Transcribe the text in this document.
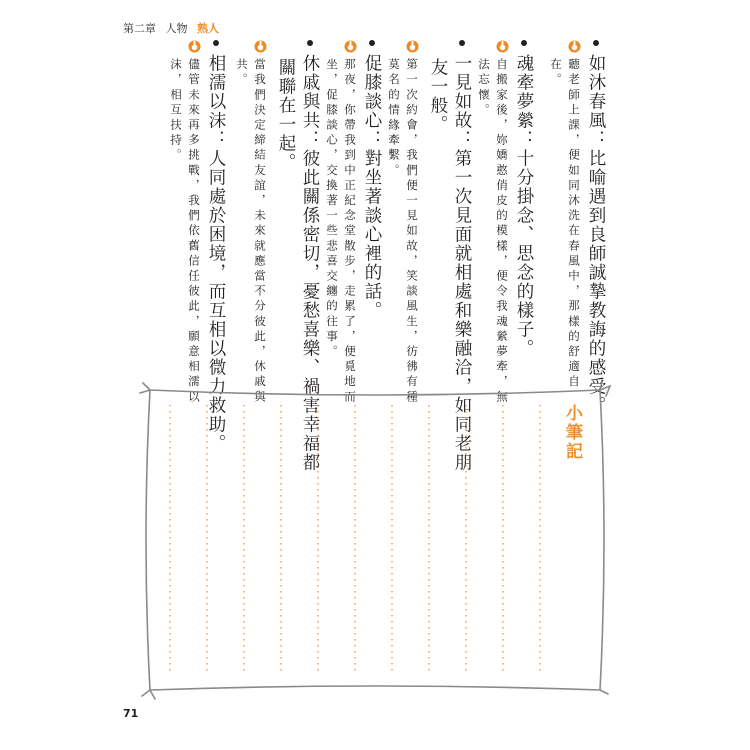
第二章 人物 熟人
如沐春風：比喻遇到良師誠摯教誨的感受。
聽老師上課，便如同沐洗在春風中，那樣的舒適自
在。
魂牽夢縈：十分掛念、思念的樣子。
自搬家後，妳嬌憨俏皮的模樣，便令我魂縈夢牽，無
法忘懷。
一見如故：第一次見面就相處和樂融洽，如同老朋
友一般。
第一次約會，我們便一見如故，笑談風生，彷彿有種
莫名的情緣牽繫。
促膝談心：對坐著談心裡的話。
那夜，你帶我到中正紀念堂散步，走累了，便覓地而
坐，促膝談心，交換著一些悲喜交纏的往事。
休戚與共：彼此關係密切，憂愁喜樂、禍害幸福都
關聯在一起。
當我們決定締結友誼，未來就應當不分彼此，休戚與
共。
相濡以沫：人同處於困境，而互相以微力救助。
儘管未來再多挑戰，我們依舊信任彼此，願意相濡以
沫，相互扶持。
小筆記
71
